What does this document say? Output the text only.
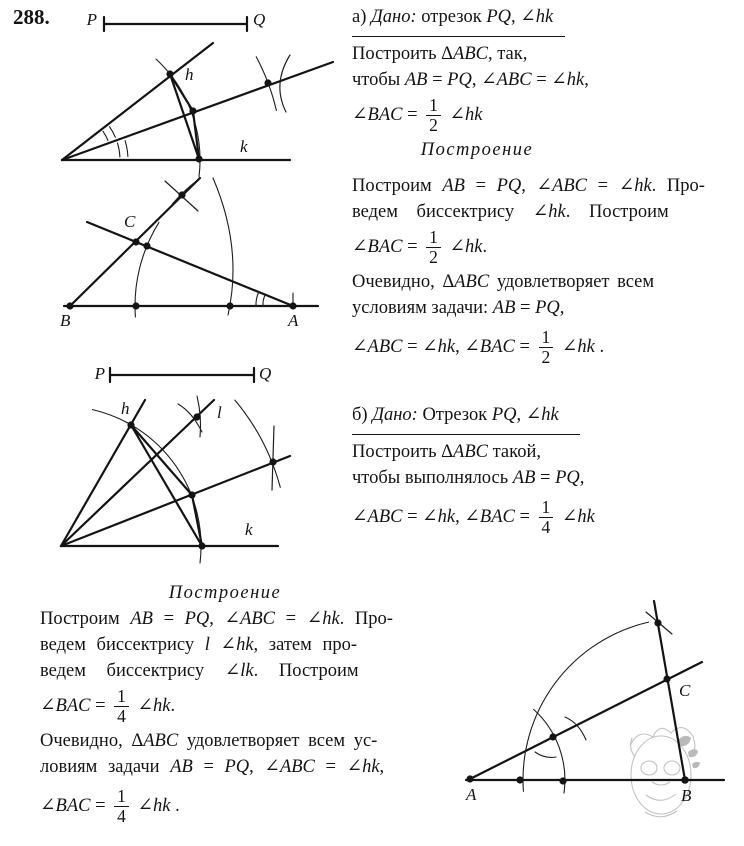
288. P	Q
h
k
B	A
C
P	Q
h	l
k
A	B
C
а) Дано: отрезок PQ, ∠hk
Построить ΔABC, так,
чтобы AB = PQ, ∠ABC = ∠hk,
∠BAC = $\frac{1}{2}$ ∠hk
Построение
Построим AB = PQ, ∠ABC = ∠hk. Про-
ведем биссектрису ∠hk. Построим
∠BAC = $\frac{1}{2}$ ∠hk.
Очевидно, ΔABC удовлетворяет всем
условиям задачи: AB = PQ,
∠ABC = ∠hk, ∠BAC = $\frac{1}{2}$ ∠hk .
б) Дано: Отрезок PQ, ∠hk
Построить ΔABC такой,
чтобы выполнялось AB = PQ,
∠ABC = ∠hk, ∠BAC = $\frac{1}{4}$ ∠hk
Построение
Построим AB = PQ, ∠ABC = ∠hk. Про-
ведем биссектрису l ∠hk, затем про-
ведем биссектрису ∠lk. Построим
∠BAC = $\frac{1}{4}$ ∠hk.
Очевидно, ΔABC удовлетворяет всем ус-
ловиям задачи AB = PQ, ∠ABC = ∠hk,
∠BAC = $\frac{1}{4}$ ∠hk .
